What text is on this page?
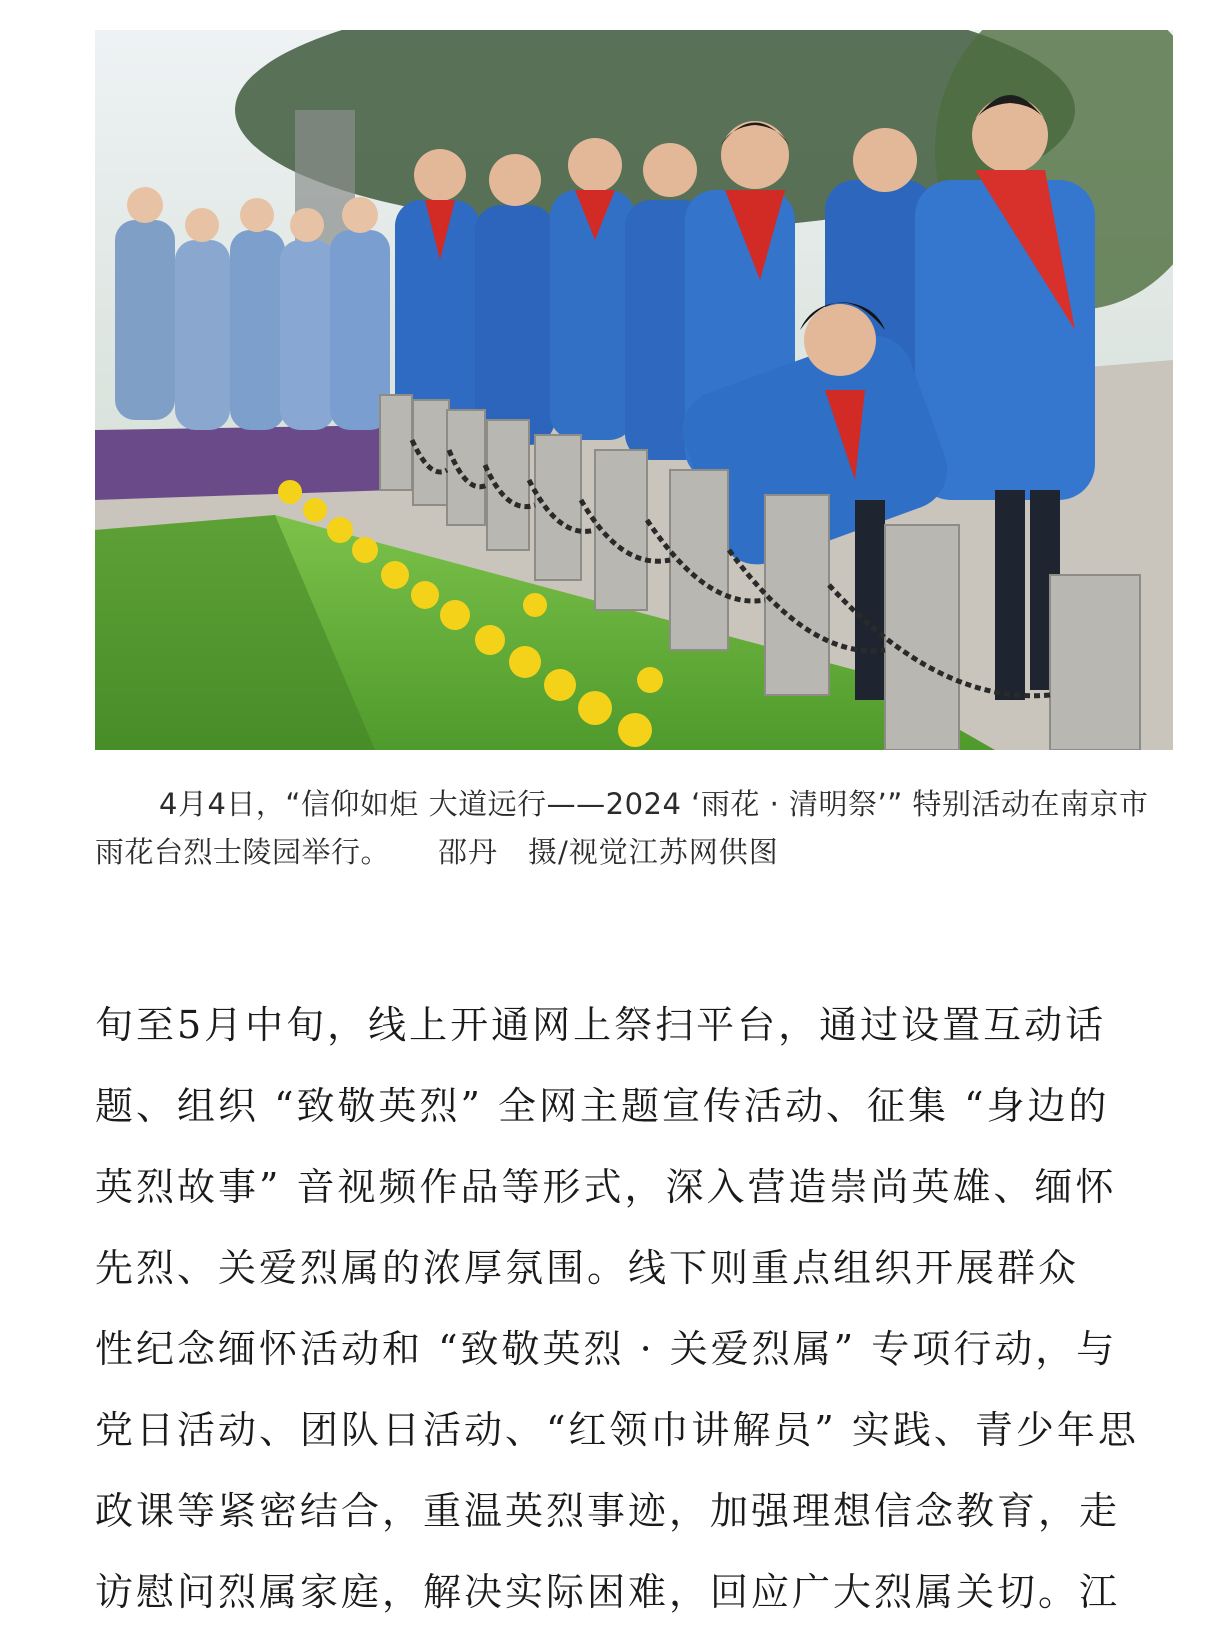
4月4日，“信仰如炬 大道远行——2024 ‘雨花 · 清明祭’” 特别活动在南京市雨花台烈士陵园举行。 邵丹　摄/视觉江苏网供图

旬至5月中旬，线上开通网上祭扫平台，通过设置互动话

题、组织 “致敬英烈” 全网主题宣传活动、征集 “身边的

英烈故事” 音视频作品等形式，深入营造崇尚英雄、缅怀

先烈、关爱烈属的浓厚氛围。线下则重点组织开展群众

性纪念缅怀活动和 “致敬英烈 · 关爱烈属” 专项行动，与

党日活动、团队日活动、“红领巾讲解员” 实践、青少年思

政课等紧密结合，重温英烈事迹，加强理想信念教育，走

访慰问烈属家庭，解决实际困难，回应广大烈属关切。江
